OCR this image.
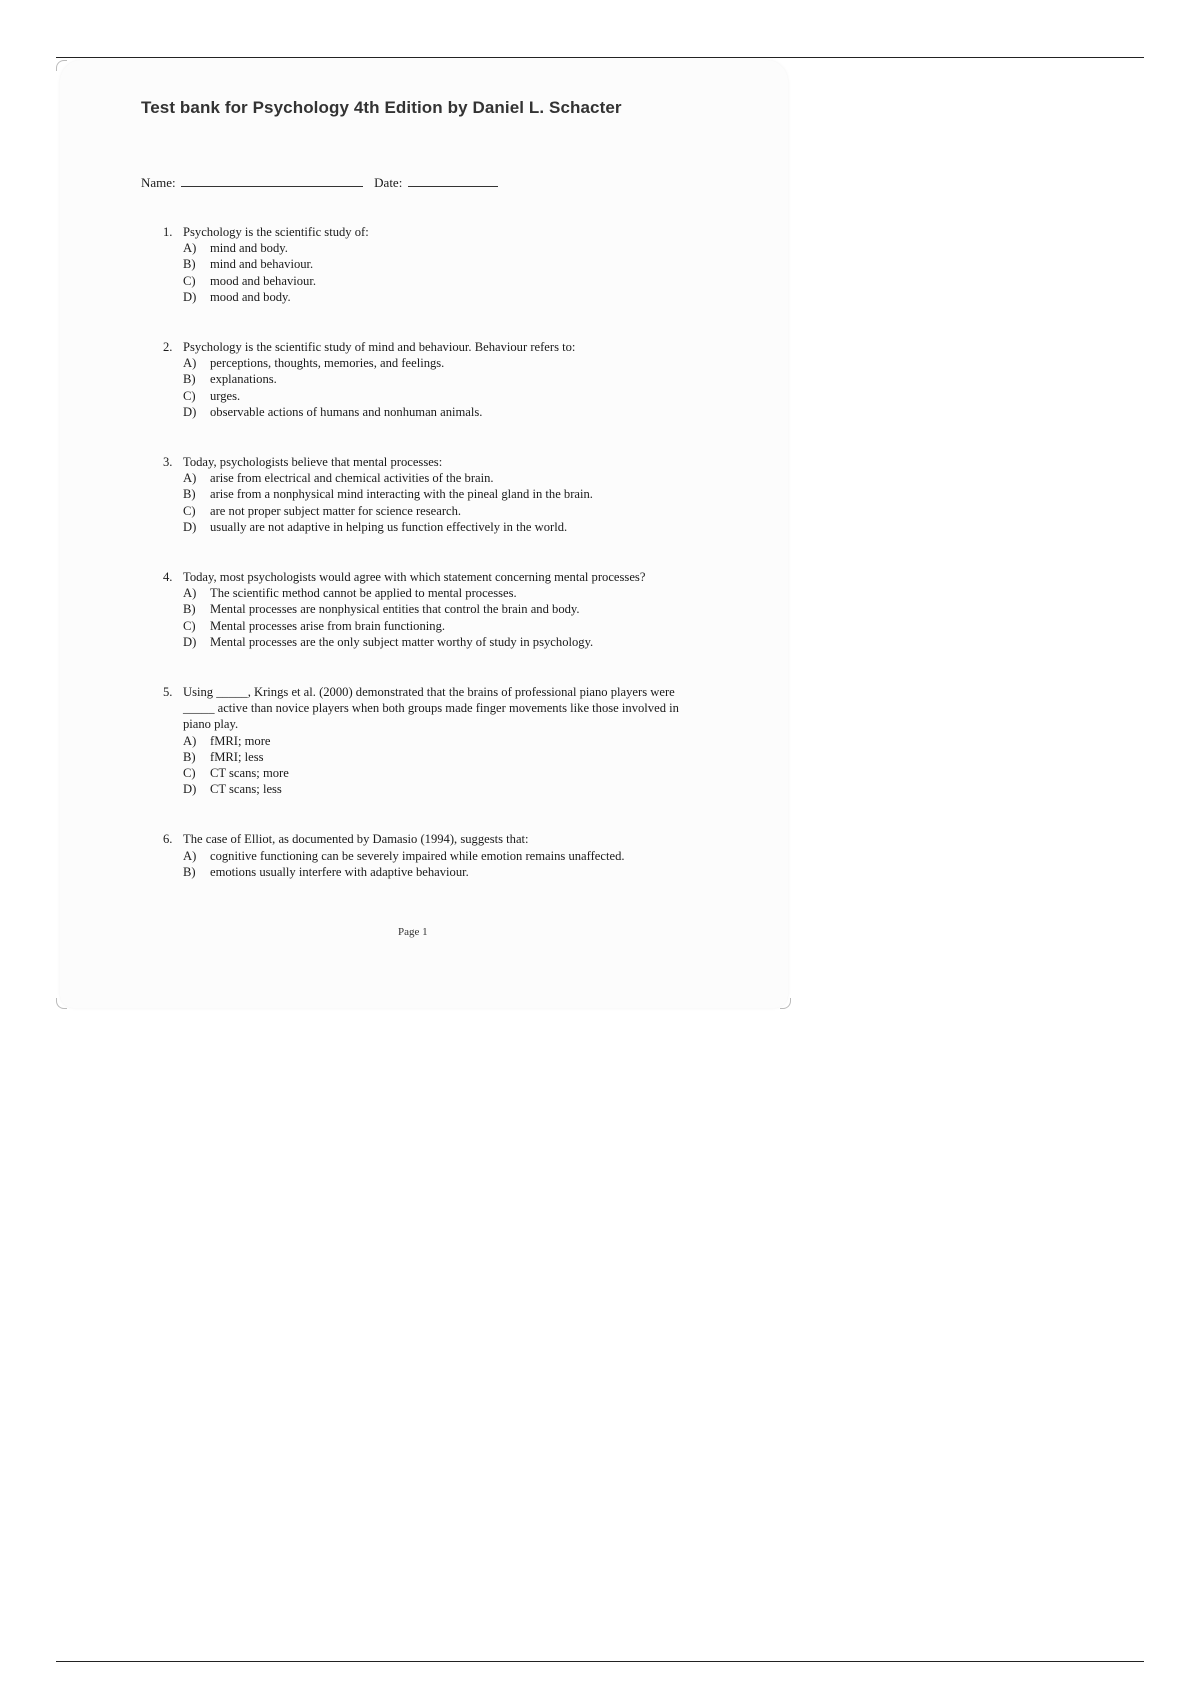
Test bank for Psychology 4th Edition by Daniel L. Schacter
Name:	Date:
1. Psychology is the scientific study of:
A)	mind and body.
B)	mind and behaviour.
C)	mood and behaviour.
D)	mood and body.
2. Psychology is the scientific study of mind and behaviour. Behaviour refers to:
A)	perceptions, thoughts, memories, and feelings.
B)	explanations.
C)	urges.
D)	observable actions of humans and nonhuman animals.
3. Today, psychologists believe that mental processes:
A)	arise from electrical and chemical activities of the brain.
B)	arise from a nonphysical mind interacting with the pineal gland in the brain.
C)	are not proper subject matter for science research.
D)	usually are not adaptive in helping us function effectively in the world.
4. Today, most psychologists would agree with which statement concerning mental processes?
A)	The scientific method cannot be applied to mental processes.
B)	Mental processes are nonphysical entities that control the brain and body.
C)	Mental processes arise from brain functioning.
D)	Mental processes are the only subject matter worthy of study in psychology.
5. Using _____, Krings et al. (2000) demonstrated that the brains of professional piano players were _____ active than novice players when both groups made finger movements like those involved in piano play.
A)	fMRI; more
B)	fMRI; less
C)	CT scans; more
D)	CT scans; less
6. The case of Elliot, as documented by Damasio (1994), suggests that:
A)	cognitive functioning can be severely impaired while emotion remains unaffected.
B)	emotions usually interfere with adaptive behaviour.
Page 1
